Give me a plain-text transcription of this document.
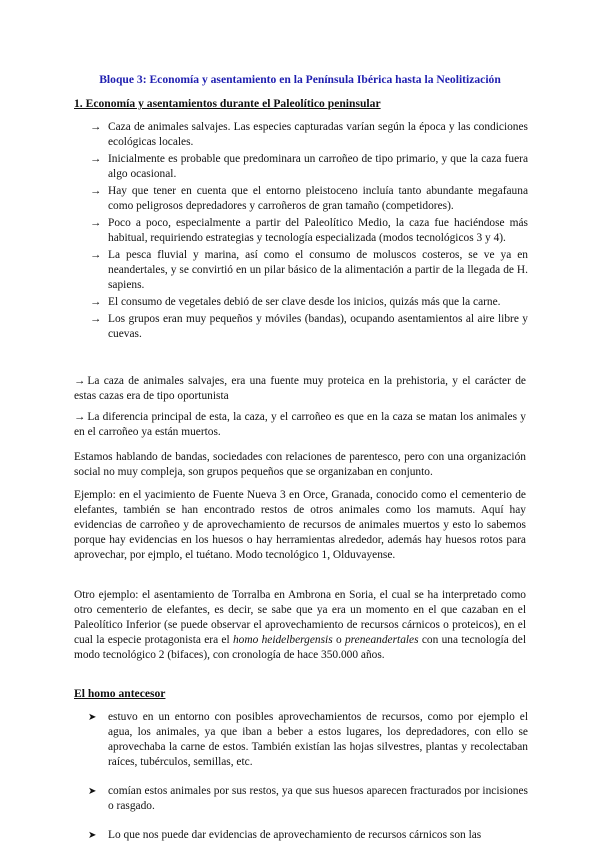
Bloque 3: Economía y asentamiento en la Península Ibérica hasta la Neolitización
1. Economía y asentamientos durante el Paleolítico peninsular
→ Caza de animales salvajes. Las especies capturadas varían según la época y las condiciones ecológicas locales.
→ Inicialmente es probable que predominara un carroñeo de tipo primario, y que la caza fuera algo ocasional.
→ Hay que tener en cuenta que el entorno pleistoceno incluía tanto abundante megafauna como peligrosos depredadores y carroñeros de gran tamaño (competidores).
→ Poco a poco, especialmente a partir del Paleolítico Medio, la caza fue haciéndose más habitual, requiriendo estrategias y tecnología especializada (modos tecnológicos 3 y 4).
→ La pesca fluvial y marina, así como el consumo de moluscos costeros, se ve ya en neandertales, y se convirtió en un pilar básico de la alimentación a partir de la llegada de H. sapiens.
→ El consumo de vegetales debió de ser clave desde los inicios, quizás más que la carne.
→ Los grupos eran muy pequeños y móviles (bandas), ocupando asentamientos al aire libre y cuevas.

→ La caza de animales salvajes, era una fuente muy proteica en la prehistoria, y el carácter de estas cazas era de tipo oportunista

→ La diferencia principal de esta, la caza, y el carroñeo es que en la caza se matan los animales y en el carroñeo ya están muertos.

Estamos hablando de bandas, sociedades con relaciones de parentesco, pero con una organización social no muy compleja, son grupos pequeños que se organizaban en conjunto.

Ejemplo: en el yacimiento de Fuente Nueva 3 en Orce, Granada, conocido como el cementerio de elefantes, también se han encontrado restos de otros animales como los mamuts. Aquí hay evidencias de carroñeo y de aprovechamiento de recursos de animales muertos y esto lo sabemos porque hay evidencias en los huesos o hay herramientas alrededor, además hay huesos rotos para aprovechar, por ejmplo, el tuétano. Modo tecnológico 1, Olduvayense.

Otro ejemplo: el asentamiento de Torralba en Ambrona en Soria, el cual se ha interpretado como otro cementerio de elefantes, es decir, se sabe que ya era un momento en el que cazaban en el Paleolítico Inferior (se puede observar el aprovechamiento de recursos cárnicos o proteicos), en el cual la especie protagonista era el homo heidelbergensis o preneandertales con una tecnología del modo tecnológico 2 (bifaces), con cronología de hace 350.000 años.

El homo antecesor
➤ estuvo en un entorno con posibles aprovechamientos de recursos, como por ejemplo el agua, los animales, ya que iban a beber a estos lugares, los depredadores, con ello se aprovechaba la carne de estos. También existían las hojas silvestres, plantas y recolectaban raíces, tubérculos, semillas, etc.
➤ comían estos animales por sus restos, ya que sus huesos aparecen fracturados por incisiones o rasgado.
➤ Lo que nos puede dar evidencias de aprovechamiento de recursos cárnicos son las
